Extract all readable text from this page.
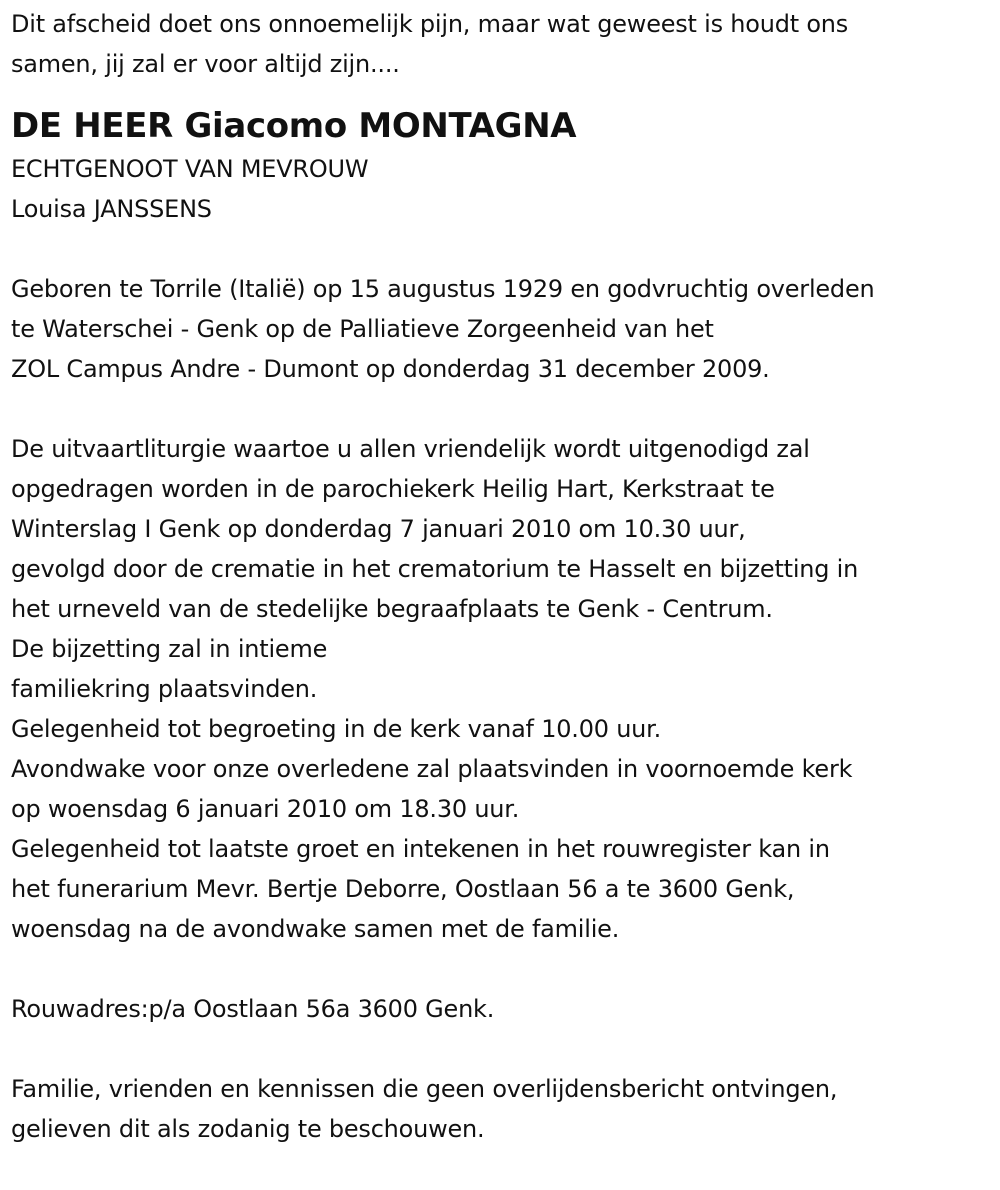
Dit afscheid doet ons onnoemelijk pijn, maar wat geweest is houdt ons
samen, jij zal er voor altijd zijn....
DE HEER Giacomo MONTAGNA
ECHTGENOOT VAN MEVROUW
Louisa JANSSENS
Geboren te Torrile (Italië) op 15 augustus 1929 en godvruchtig overleden
te Waterschei - Genk op de Palliatieve Zorgeenheid van het
ZOL Campus Andre - Dumont op donderdag 31 december 2009.
De uitvaartliturgie waartoe u allen vriendelijk wordt uitgenodigd zal
opgedragen worden in de parochiekerk Heilig Hart, Kerkstraat te
Winterslag I Genk op donderdag 7 januari 2010 om 10.30 uur,
gevolgd door de crematie in het crematorium te Hasselt en bijzetting in
het urneveld van de stedelijke begraafplaats te Genk - Centrum.
De bijzetting zal in intieme
familiekring plaatsvinden.
Gelegenheid tot begroeting in de kerk vanaf 10.00 uur.
Avondwake voor onze overledene zal plaatsvinden in voornoemde kerk
op woensdag 6 januari 2010 om 18.30 uur.
Gelegenheid tot laatste groet en intekenen in het rouwregister kan in
het funerarium Mevr. Bertje Deborre, Oostlaan 56 a te 3600 Genk,
woensdag na de avondwake samen met de familie.
Rouwadres:p/a Oostlaan 56a 3600 Genk.
Familie, vrienden en kennissen die geen overlijdensbericht ontvingen,
gelieven dit als zodanig te beschouwen.
